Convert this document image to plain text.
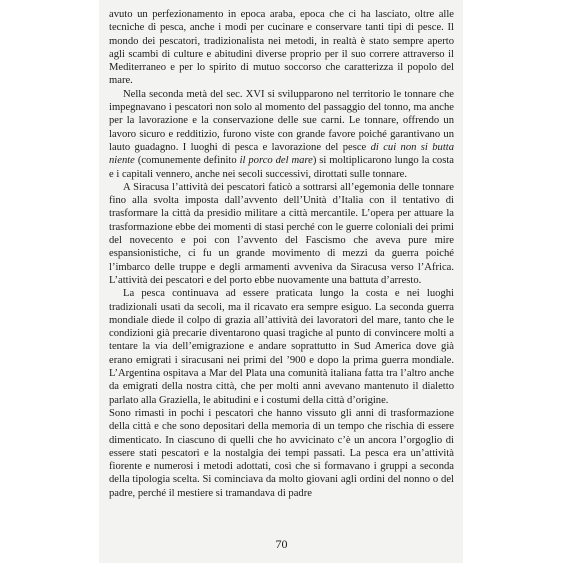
avuto un perfezionamento in epoca araba, epoca che ci ha lasciato, oltre alle tecniche di pesca, anche i modi per cucinare e conservare tanti tipi di pesce. Il mondo dei pescatori, tradizionalista nei metodi, in realtà è stato sempre aperto agli scambi di culture e abitudini diverse proprio per il suo correre attraverso il Mediterraneo e per lo spirito di mutuo soccorso che caratterizza il popolo del mare.

Nella seconda metà del sec. XVI si svilupparono nel territorio le tonnare che impegnavano i pescatori non solo al momento del passaggio del tonno, ma anche per la lavorazione e la conservazione delle sue carni. Le tonnare, offrendo un lavoro sicuro e redditizio, furono viste con grande favore poiché garantivano un lauto guadagno. I luoghi di pesca e lavorazione del pesce di cui non si butta niente (comunemente definito il porco del mare) si moltiplicarono lungo la costa e i capitali vennero, anche nei secoli successivi, dirottati sulle tonnare.

A Siracusa l’attività dei pescatori faticò a sottrarsi all’egemonia delle tonnare fino alla svolta imposta dall’avvento dell’Unità d’Italia con il tentativo di trasformare la città da presidio militare a città mercantile. L’opera per attuare la trasformazione ebbe dei momenti di stasi perché con le guerre coloniali dei primi del novecento e poi con l’avvento del Fascismo che aveva pure mire espansionistiche, ci fu un grande movimento di mezzi da guerra poiché l’imbarco delle truppe e degli armamenti avveniva da Siracusa verso l’Africa. L’attività dei pescatori e del porto ebbe nuovamente una battuta d’arresto.

La pesca continuava ad essere praticata lungo la costa e nei luoghi tradizionali usati da secoli, ma il ricavato era sempre esiguo. La seconda guerra mondiale diede il colpo di grazia all’attività dei lavoratori del mare, tanto che le condizioni già precarie diventarono quasi tragiche al punto di convincere molti a tentare la via dell’emigrazione e andare soprattutto in Sud America dove già erano emigrati i siracusani nei primi del ’900 e dopo la prima guerra mondiale. L’Argentina ospitava a Mar del Plata una comunità italiana fatta tra l’altro anche da emigrati della nostra città, che per molti anni avevano mantenuto il dialetto parlato alla Graziella, le abitudini e i costumi della città d’origine.

Sono rimasti in pochi i pescatori che hanno vissuto gli anni di trasformazione della città e che sono depositari della memoria di un tempo che rischia di essere dimenticato. In ciascuno di quelli che ho avvicinato c’è un ancora l’orgoglio di essere stati pescatori e la nostalgia dei tempi passati. La pesca era un’attività fiorente e numerosi i metodi adottati, così che si formavano i gruppi a seconda della tipologia scelta. Si cominciava da molto giovani agli ordini del nonno o del padre, perché il mestiere si tramandava di padre

70
